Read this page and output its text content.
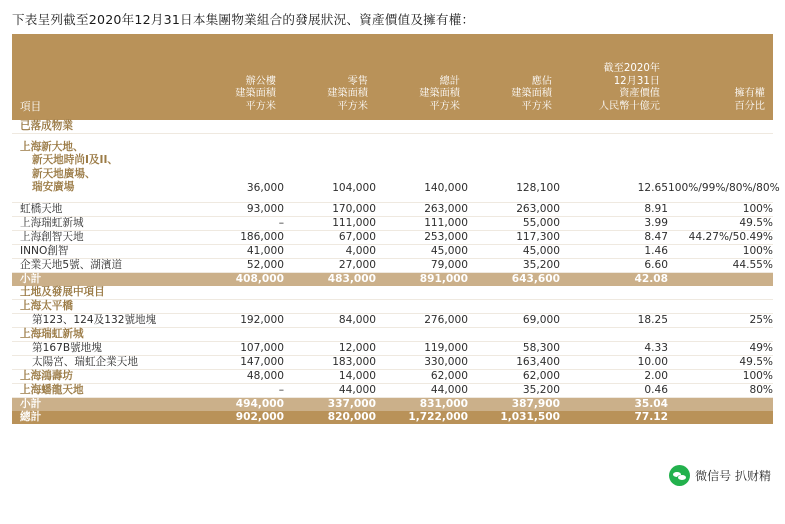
下表呈列截至2020年12月31日本集團物業組合的發展狀況、資產價值及擁有權：
項目	辦公樓
建築面積
平方米	零售
建築面積
平方米	總計
建築面積
平方米	應佔
建築面積
平方米	截至2020年
12月31日
資產價值
人民幣十億元	擁有權
百分比

已落成物業						

上海新大地、
新天地時尚I及II、
新天地廣場、
瑞安廣場	36,000	104,000	140,000	128,100	12.65	100%/99%/80%/80%
虹橋天地	93,000	170,000	263,000	263,000	8.91	100%
上海瑞虹新城	–	111,000	111,000	55,000	3.99	49.5%
上海創智天地	186,000	67,000	253,000	117,300	8.47	44.27%/50.49%
INNO創智	41,000	4,000	45,000	45,000	1.46	100%
企業天地5號、湖濱道	52,000	27,000	79,000	35,200	6.60	44.55%
小計	408,000	483,000	891,000	643,600	42.08	
土地及發展中項目						
上海太平橋						
第123、124及132號地塊	192,000	84,000	276,000	69,000	18.25	25%
上海瑞虹新城						
第167B號地塊	107,000	12,000	119,000	58,300	4.33	49%
太陽宮、瑞虹企業天地	147,000	183,000	330,000	163,400	10.00	49.5%
上海鴻壽坊	48,000	14,000	62,000	62,000	2.00	100%
上海蟠龍天地	–	44,000	44,000	35,200	0.46	80%
小計	494,000	337,000	831,000	387,900	35.04	
總計	902,000	820,000	1,722,000	1,031,500	77.12	
微信号 扒财精
